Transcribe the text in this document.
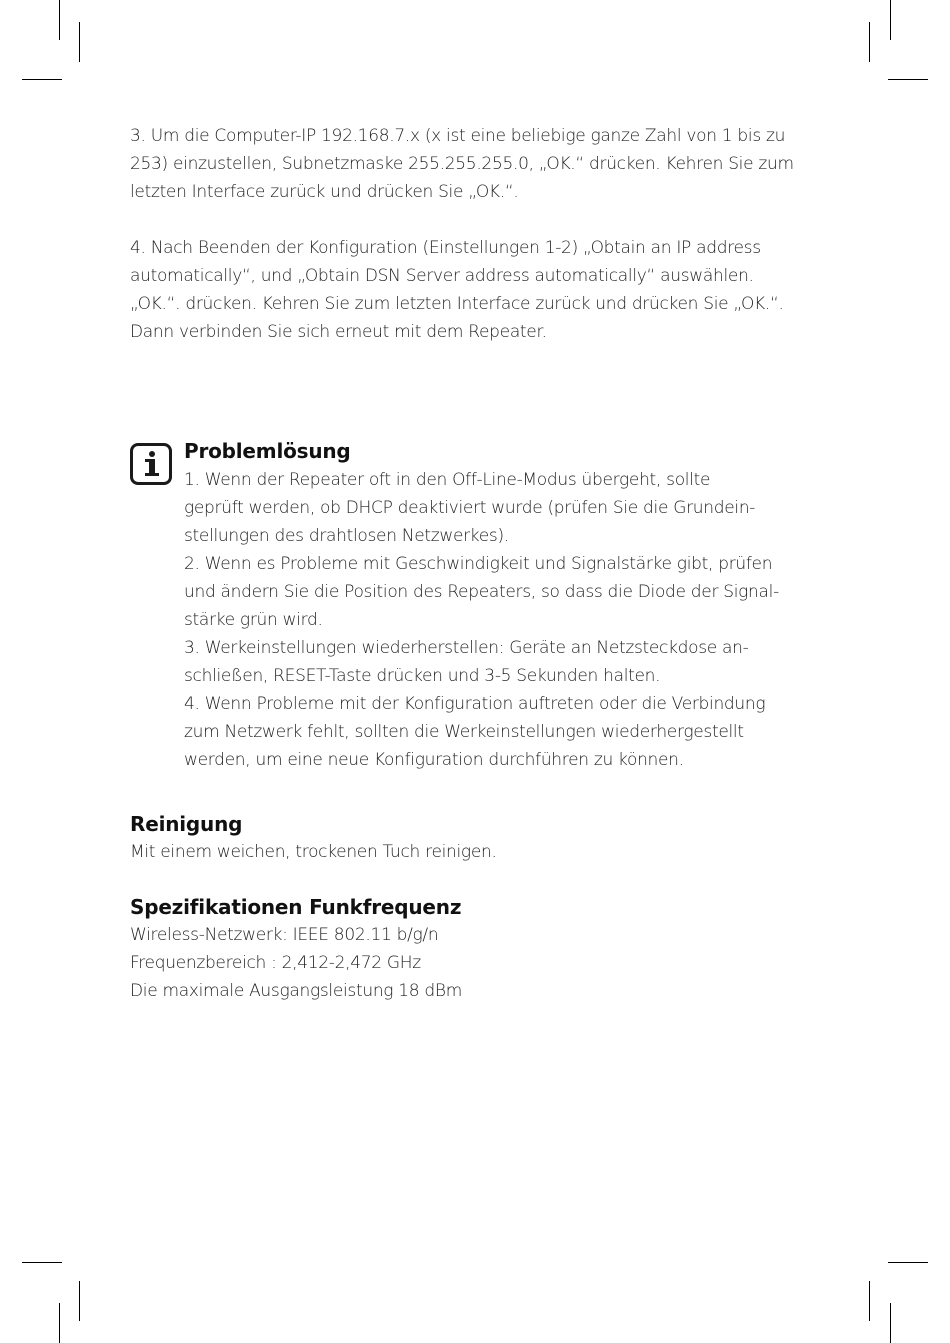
3. Um die Computer-IP 192.168.7.x (x ist eine beliebige ganze Zahl von 1 bis zu
253) einzustellen, Subnetzmaske 255.255.255.0, „OK.“ drücken. Kehren Sie zum
letzten Interface zurück und drücken Sie „OK.“.

4. Nach Beenden der Konfiguration (Einstellungen 1-2) „Obtain an IP address
automatically“, und „Obtain DSN Server address automatically“ auswählen.
„OK.“. drücken. Kehren Sie zum letzten Interface zurück und drücken Sie „OK.“.
Dann verbinden Sie sich erneut mit dem Repeater.

Problemlösung

1. Wenn der Repeater oft in den Off-Line-Modus übergeht, sollte
geprüft werden, ob DHCP deaktiviert wurde (prüfen Sie die Grundein-
stellungen des drahtlosen Netzwerkes).
2. Wenn es Probleme mit Geschwindigkeit und Signalstärke gibt, prüfen
und ändern Sie die Position des Repeaters, so dass die Diode der Signal-
stärke grün wird.
3. Werkeinstellungen wiederherstellen: Geräte an Netzsteckdose an-
schließen, RESET-Taste drücken und 3-5 Sekunden halten.
4. Wenn Probleme mit der Konfiguration auftreten oder die Verbindung
zum Netzwerk fehlt, sollten die Werkeinstellungen wiederhergestellt
werden, um eine neue Konfiguration durchführen zu können.

Reinigung

Mit einem weichen, trockenen Tuch reinigen.

Spezifikationen Funkfrequenz

Wireless-Netzwerk: IEEE 802.11 b/g/n
Frequenzbereich : 2,412-2,472 GHz
Die maximale Ausgangsleistung 18 dBm
